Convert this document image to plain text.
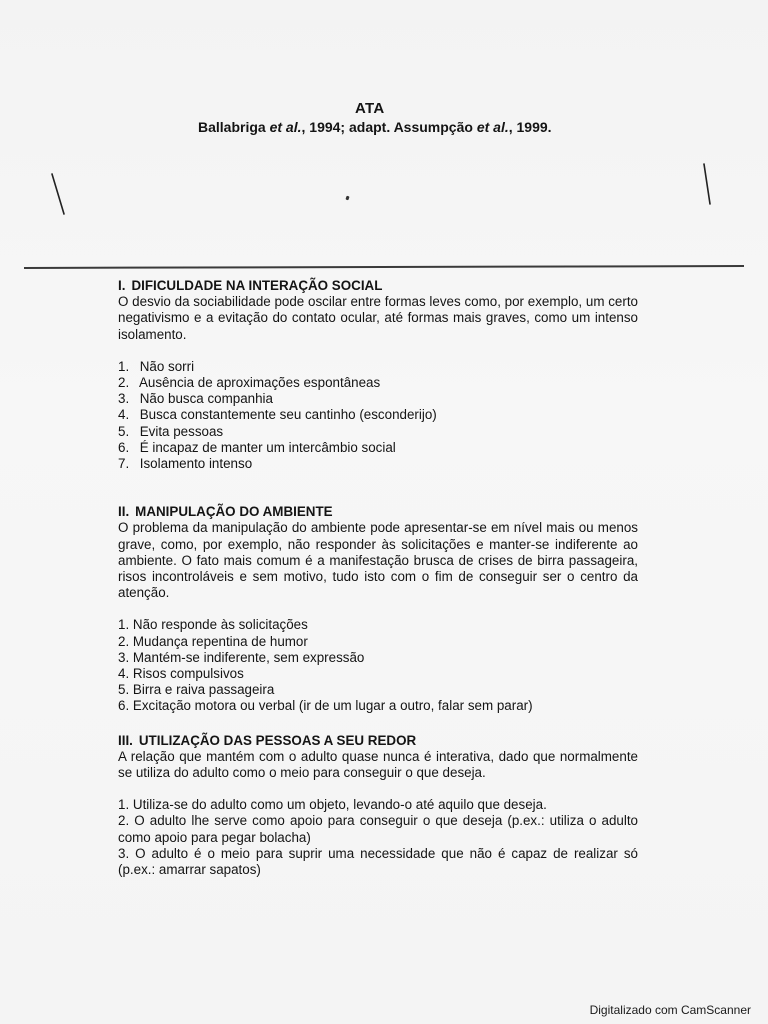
ATA
Ballabriga et al., 1994; adapt. Assumpção et al., 1999.

I. DIFICULDADE NA INTERAÇÃO SOCIAL

O desvio da sociabilidade pode oscilar entre formas leves como, por exemplo, um certo negativismo e a evitação do contato ocular, até formas mais graves, como um intenso isolamento.

1. Não sorri
2. Ausência de aproximações espontâneas
3. Não busca companhia
4. Busca constantemente seu cantinho (esconderijo)
5. Evita pessoas
6. É incapaz de manter um intercâmbio social
7. Isolamento intenso

II. MANIPULAÇÃO DO AMBIENTE

O problema da manipulação do ambiente pode apresentar-se em nível mais ou menos grave, como, por exemplo, não responder às solicitações e manter-se indiferente ao ambiente. O fato mais comum é a manifestação brusca de crises de birra passageira, risos incontroláveis e sem motivo, tudo isto com o fim de conseguir ser o centro da atenção.

1. Não responde às solicitações
2. Mudança repentina de humor
3. Mantém-se indiferente, sem expressão
4. Risos compulsivos
5. Birra e raiva passageira
6. Excitação motora ou verbal (ir de um lugar a outro, falar sem parar)

III. UTILIZAÇÃO DAS PESSOAS A SEU REDOR

A relação que mantém com o adulto quase nunca é interativa, dado que normalmente se utiliza do adulto como o meio para conseguir o que deseja.

1. Utiliza-se do adulto como um objeto, levando-o até aquilo que deseja.
2. O adulto lhe serve como apoio para conseguir o que deseja (p.ex.: utiliza o adulto como apoio para pegar bolacha)
3. O adulto é o meio para suprir uma necessidade que não é capaz de realizar só (p.ex.: amarrar sapatos)
Digitalizado com CamScanner
